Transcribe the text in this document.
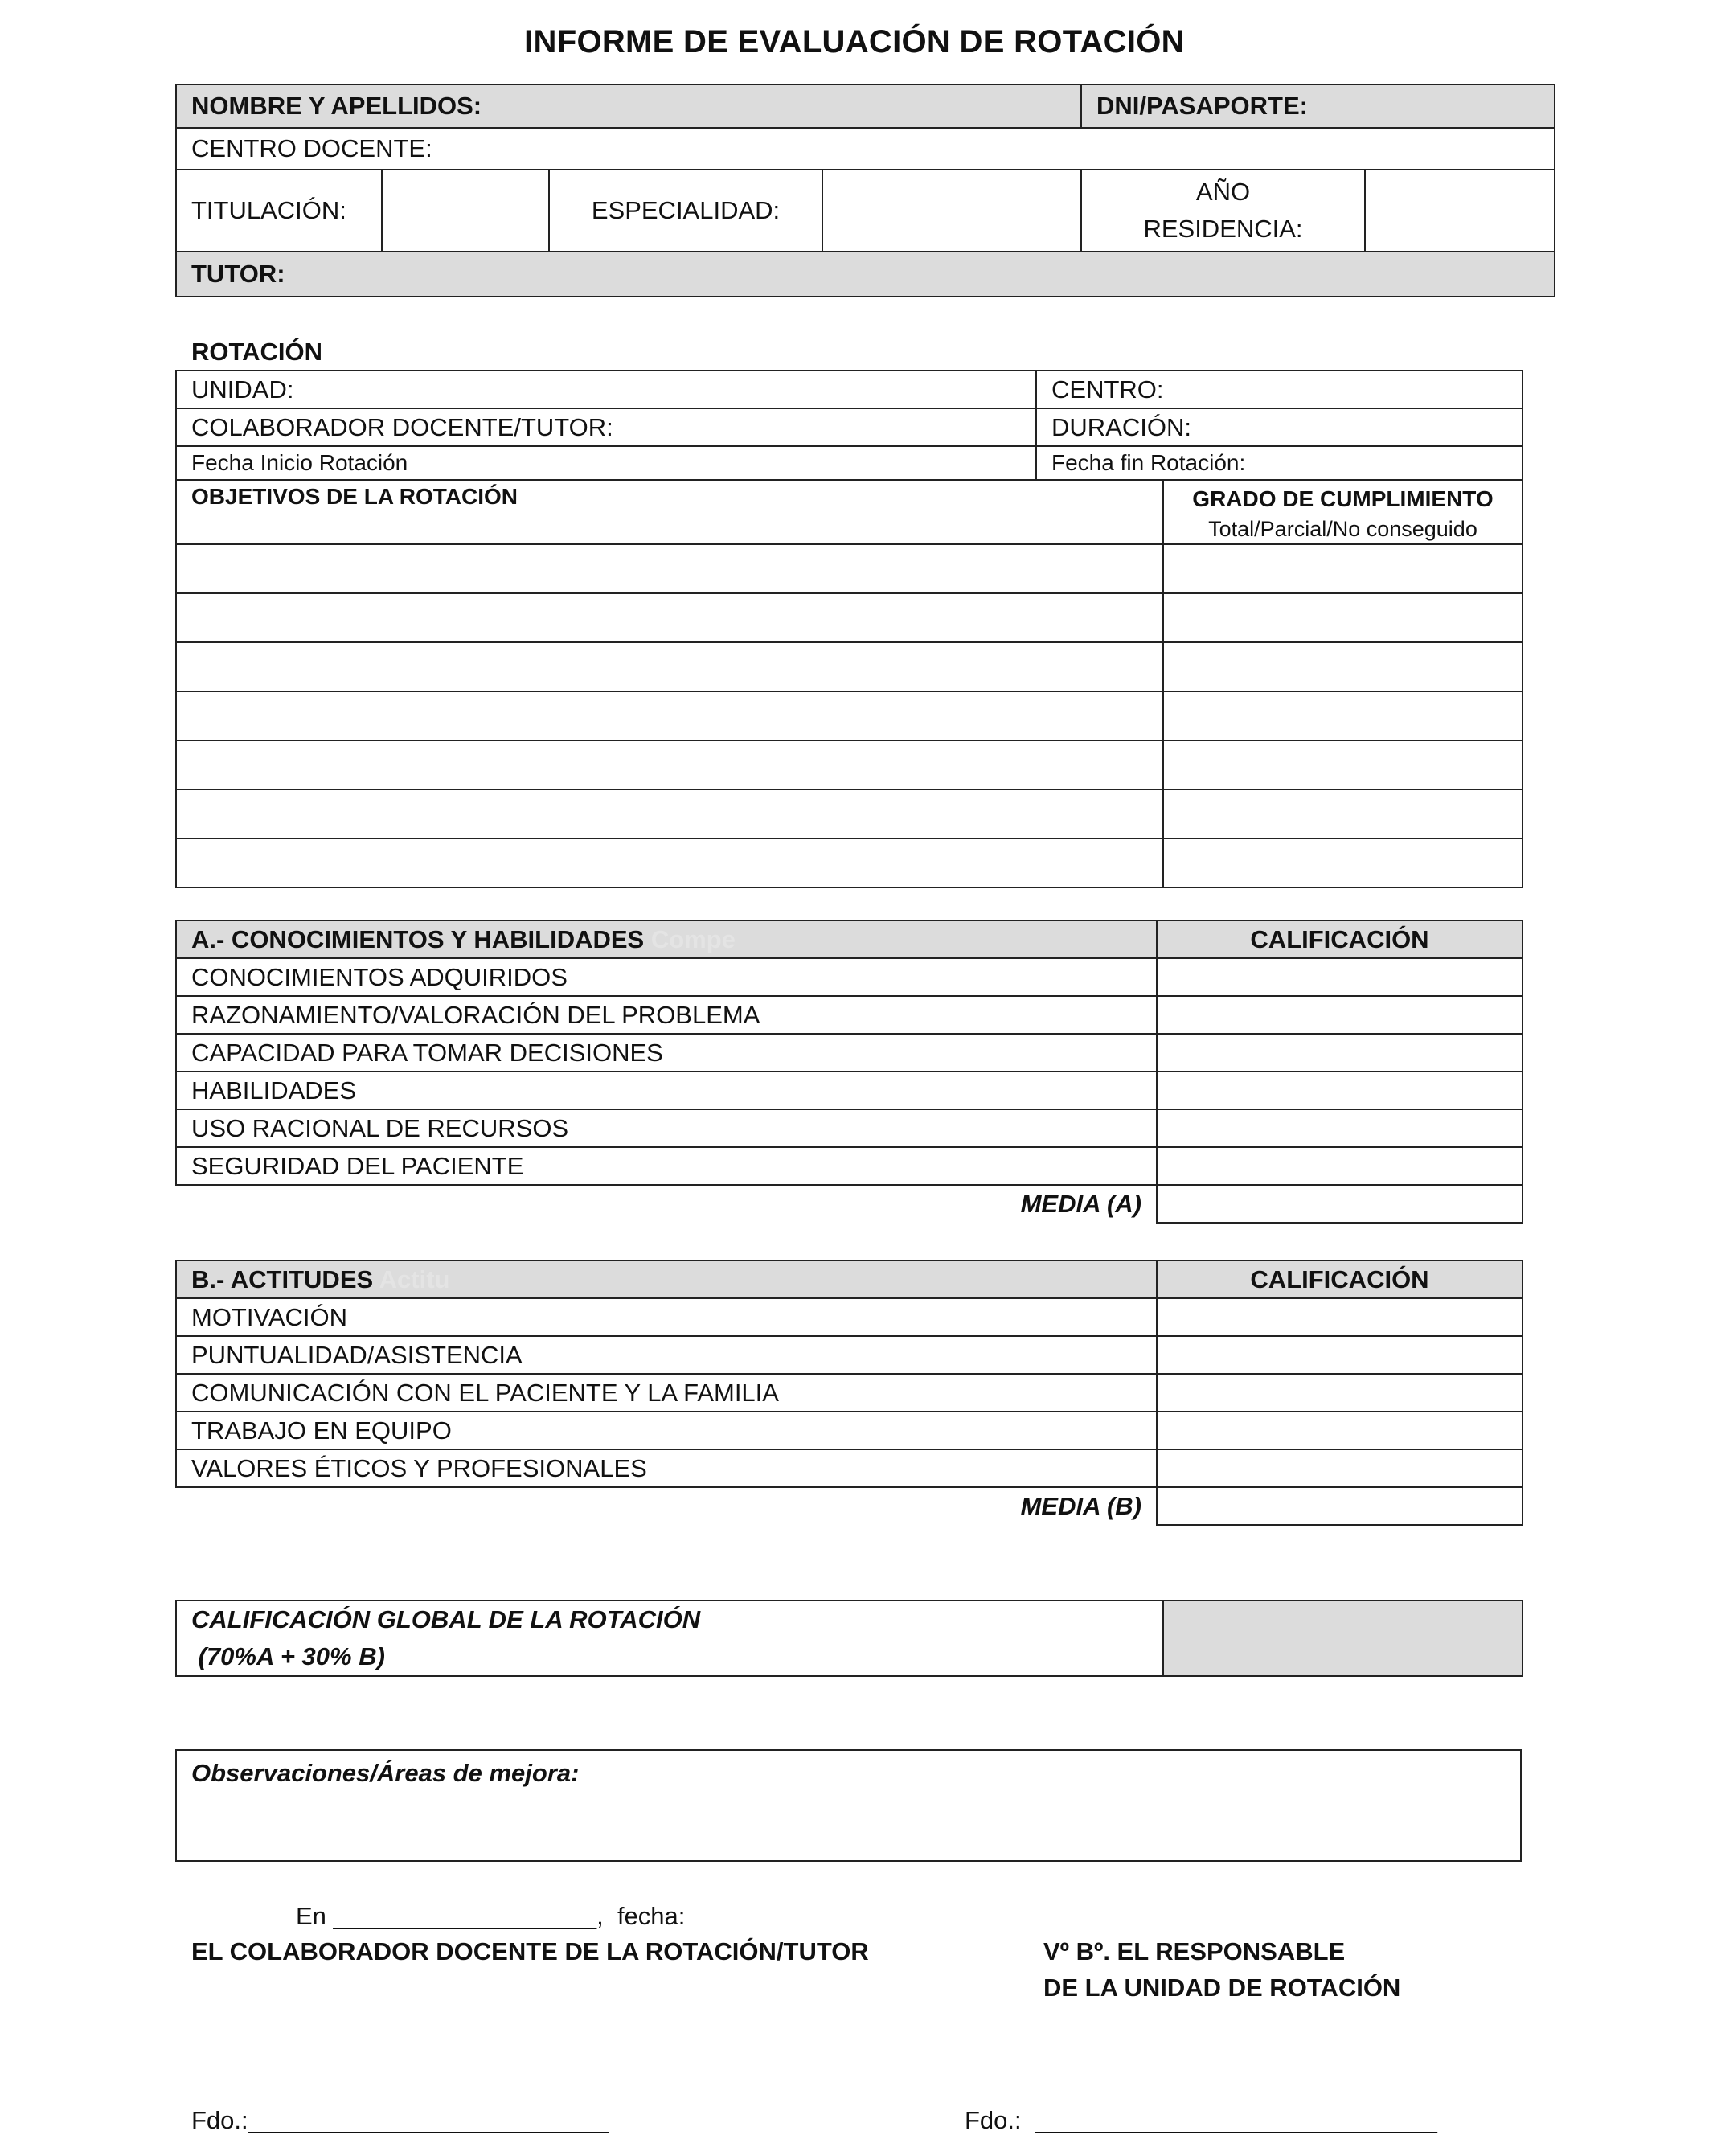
INFORME DE EVALUACIÓN DE ROTACIÓN
NOMBRE Y APELLIDOS:				DNI/PASAPORTE:	
CENTRO DOCENTE:					
TITULACIÓN:		ESPECIALIDAD:		AÑO
RESIDENCIA:	
TUTOR:					
ROTACIÓN
UNIDAD:	CENTRO:
COLABORADOR DOCENTE/TUTOR:	DURACIÓN:
Fecha Inicio Rotación	Fecha fin Rotación:
OBJETIVOS DE LA ROTACIÓN	GRADO DE CUMPLIMIENTO
Total/Parcial/No conseguido

A.- CONOCIMIENTOS Y HABILIDADES Compe	CALIFICACIÓN
CONOCIMIENTOS ADQUIRIDOS	
RAZONAMIENTO/VALORACIÓN DEL PROBLEMA	
CAPACIDAD PARA TOMAR DECISIONES	
HABILIDADES	
USO RACIONAL DE RECURSOS	
SEGURIDAD DEL PACIENTE	
MEDIA (A)	
B.- ACTITUDES Actitu	CALIFICACIÓN
MOTIVACIÓN	
PUNTUALIDAD/ASISTENCIA	
COMUNICACIÓN CON EL PACIENTE Y LA FAMILIA	
TRABAJO EN EQUIPO	
VALORES ÉTICOS Y PROFESIONALES	
MEDIA (B)	
CALIFICACIÓN GLOBAL DE LA ROTACIÓN
(70%A + 30% B)	
Observaciones/Áreas de mejora:
En ___________________,  fecha:
EL COLABORADOR DOCENTE DE LA ROTACIÓN/TUTOR	Vº Bº. EL RESPONSABLE
DE LA UNIDAD DE ROTACIÓN
Fdo.:__________________________	Fdo.:  _____________________________
